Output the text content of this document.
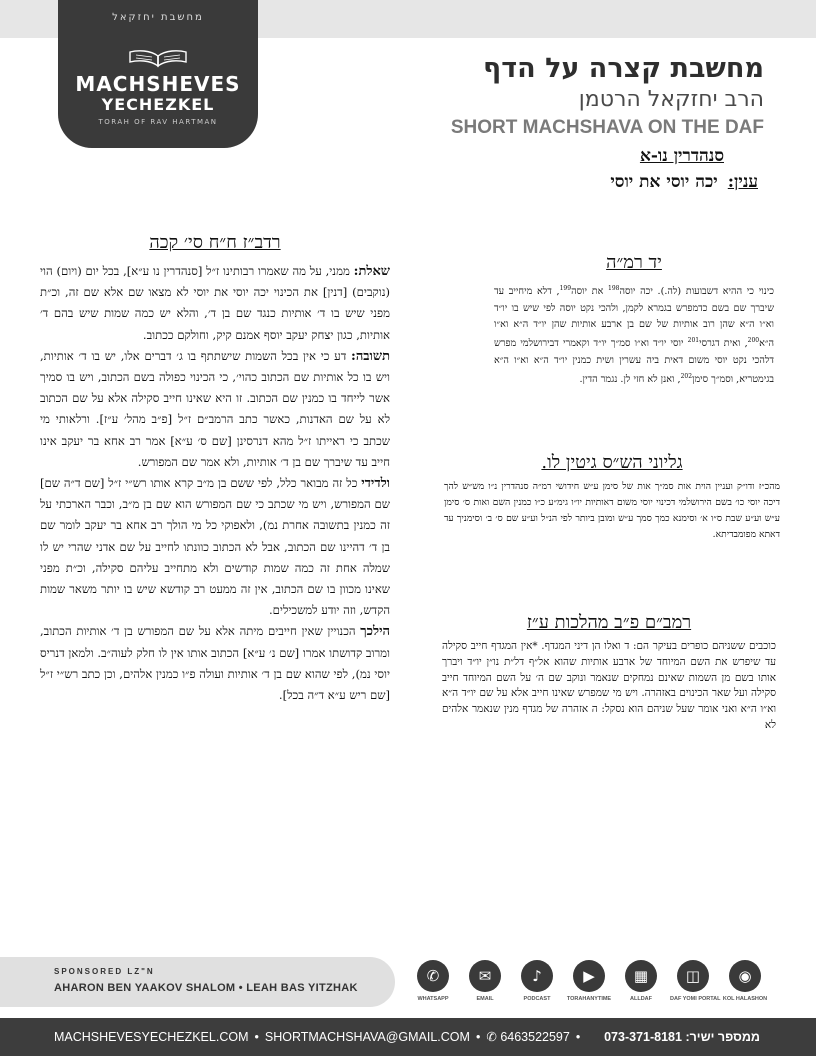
מחשבת יחזקאל
MACHSHEVES
YECHEZKEL
TORAH OF RAV HARTMAN
מחשבת קצרה על הדף
הרב יחזקאל הרטמן
SHORT MACHSHAVA ON THE DAF
סנהדרין נו-א
ענין:יכה יוסי את יוסי
רדב״ז ח״ח סי׳ קכה

שאלת: ממני, על מה שאמרו רבותינו ז״ל [סנהדרין נו ע״א], בכל יום (ויום) הוי (נוקבים) [דנין] את הכינוי יכה יוסי את יוסי לא מצאו שם אלא שם זה, וכ״ת מפני שיש בו ד׳ אותיות כנגד שם בן ד׳, והלא יש כמה שמות שיש בהם ד׳ אותיות, כגון יצחק יעקב יוסף אמנם קיק, וחולקם ככתוב.

תשובה: דע כי אין בכל השמות שישתתף בו ג׳ דברים אלו, יש בו ד׳ אותיות, ויש בו כל אותיות שם הכתוב כהוי׳, כי הכינוי כפולה בשם הכתוב, ויש בו סמיך אשר לייחד בו כמנין שם הכתוב. זו היא שאינו חייב סקילה אלא על שם הכתוב לא על שם האדנות, כאשר כתב הרמב״ם ז״ל [פ״ב מהל׳ ע״ז]. ורלאותי מי שכתב כי ראייתו ז״ל מהא דנרסינן [שם ס׳ ע״א] אמר רב אחא בר יעקב אינו חייב עד שיברך שם בן ד׳ אותיות, ולא אמר שם המפורש.

ולדידי כל זה מבואר כלל, לפי ששם בן מ״ב קרא אותו רש״י ז״ל [שם ד״ה שם] שם המפורש, ויש מי שכתב כי שם המפורש הוא שם בן מ״ב, וכבר הארכתי על זה כמנין בתשובה אחרת נמ), ולאפוקי כל מי הולך רב אחא בר יעקב לומר שם בן ד׳ דהיינו שם הכתוב, אבל לא הכתוב כוונתו לחייב על שם אדני שהרי יש לו שמלה אחת זה כמה שמות קודשים ולא מתחייב עליהם סקילה, וכ״ת מפני שאינו מכוון בו שם הכתוב, אין זה ממעט רב קודשא שיש בו יותר משאר שמות הקדש, וזה יודע למשכילים.

הילכך הכנויין שאין חייבים מיתה אלא על שם המפורש בן ד׳ אותיות הכתוב, ומרוב קדושתו אמרו [שם נ׳ ע״א] הכתוב אותו אין לו חלק לעוה״ב. ולמאן דנריס יוסי נמ), לפי שהוא שם בן ד׳ אותיות ועולה פ״ו כמנין אלהים, וכן כתב רש״י ז״ל [שם ריש ע״א ד״ה בכל].

יד רמ״ה
כינוי כי ההיא דשבועות (לה.). יכה יוסה$^{198}$ את יוסה$^{199}$, דלא מיחייב עד שיברך שם בשם כדמפרש בגמרא לקמן, ולהכי נקט יוסה לפי שיש בו יו״ד וא״ו ה״א שהן רוב אותיות של שם בן ארבע אותיות שהן יו״ד ה״א וא״ו ה״א$^{200}$, ואית דגרסי$^{201}$ יוסי יו״ד וא״ו סמ״ך יו״ד וקאמרי דבירושלמי מפרש דלהכי נקט יוסי משום דאית ביה עשרין ושית כמנין יו״ד ה״א וא״ו ה״א בגימטריא, וסמ״ך סימן$^{202}$, ואנן לא חזי לן. נגמר הדין.
גליוני הש״ס גיטין לו.
מהכ״ז ודו״ק ועניין הוית אות סמ״ך אות של סימן ע״ש חידושי רמ״ה סנהדרין נ״ו מש״ש להך דיכה יוסי כו׳ בשם הירושלמי דכינוי יוסי משום דאותיות יו״ו גימ״ע כ״ו כמנין השם ואות ס׳ סימן ע״ש וע״ע שבת ס״ו א׳ וסימנא כמך סמך ע״ש ומובן ביותר לפי הנ״ל וע״ע שם ס׳ ב׳ וסימניך עד דאתא מפומבדיתא.
רמב״ם פ״ב מהלכות ע״ז
כוכבים ששניהם כופרים בעיקר הם: ד ואלו הן דיני המגדף. *אין המגדף חייב סקילה עד שיפרש את השם המיוחד של ארבע אותיות שהוא אל״ף דל״ת נו״ן יו״ד ויברך אותו בשם מן השמות שאינם נמחקים שנאמר ונוקב שם ה׳ על השם המיוחד חייב סקילה ועל שאר הכינוים באזהרה. ויש מי שמפרש שאינו חייב אלא על שם יו״ד ה״א וא״ו ה״א ואני אומר שעל שניהם הוא נסקל: ה אזהרה של מגדף מנין שנאמר אלהים לא
SPONSORED LZ"N
AHARON BEN YAAKOV SHALOM • LEAH BAS YITZHAK
✆
WHATSAPP
✉
EMAIL
♪
PODCAST
▶
TORAHANYTIME
▦
ALLDAF
◫
DAF YOMI PORTAL
◉
KOL HALASHON
MACHSHEVESYECHEZKEL.COM • SHORTMACHSHAVA@GMAIL.COM • ✆ 6463522597 •	ממספר ישיר: 073-371-8181
